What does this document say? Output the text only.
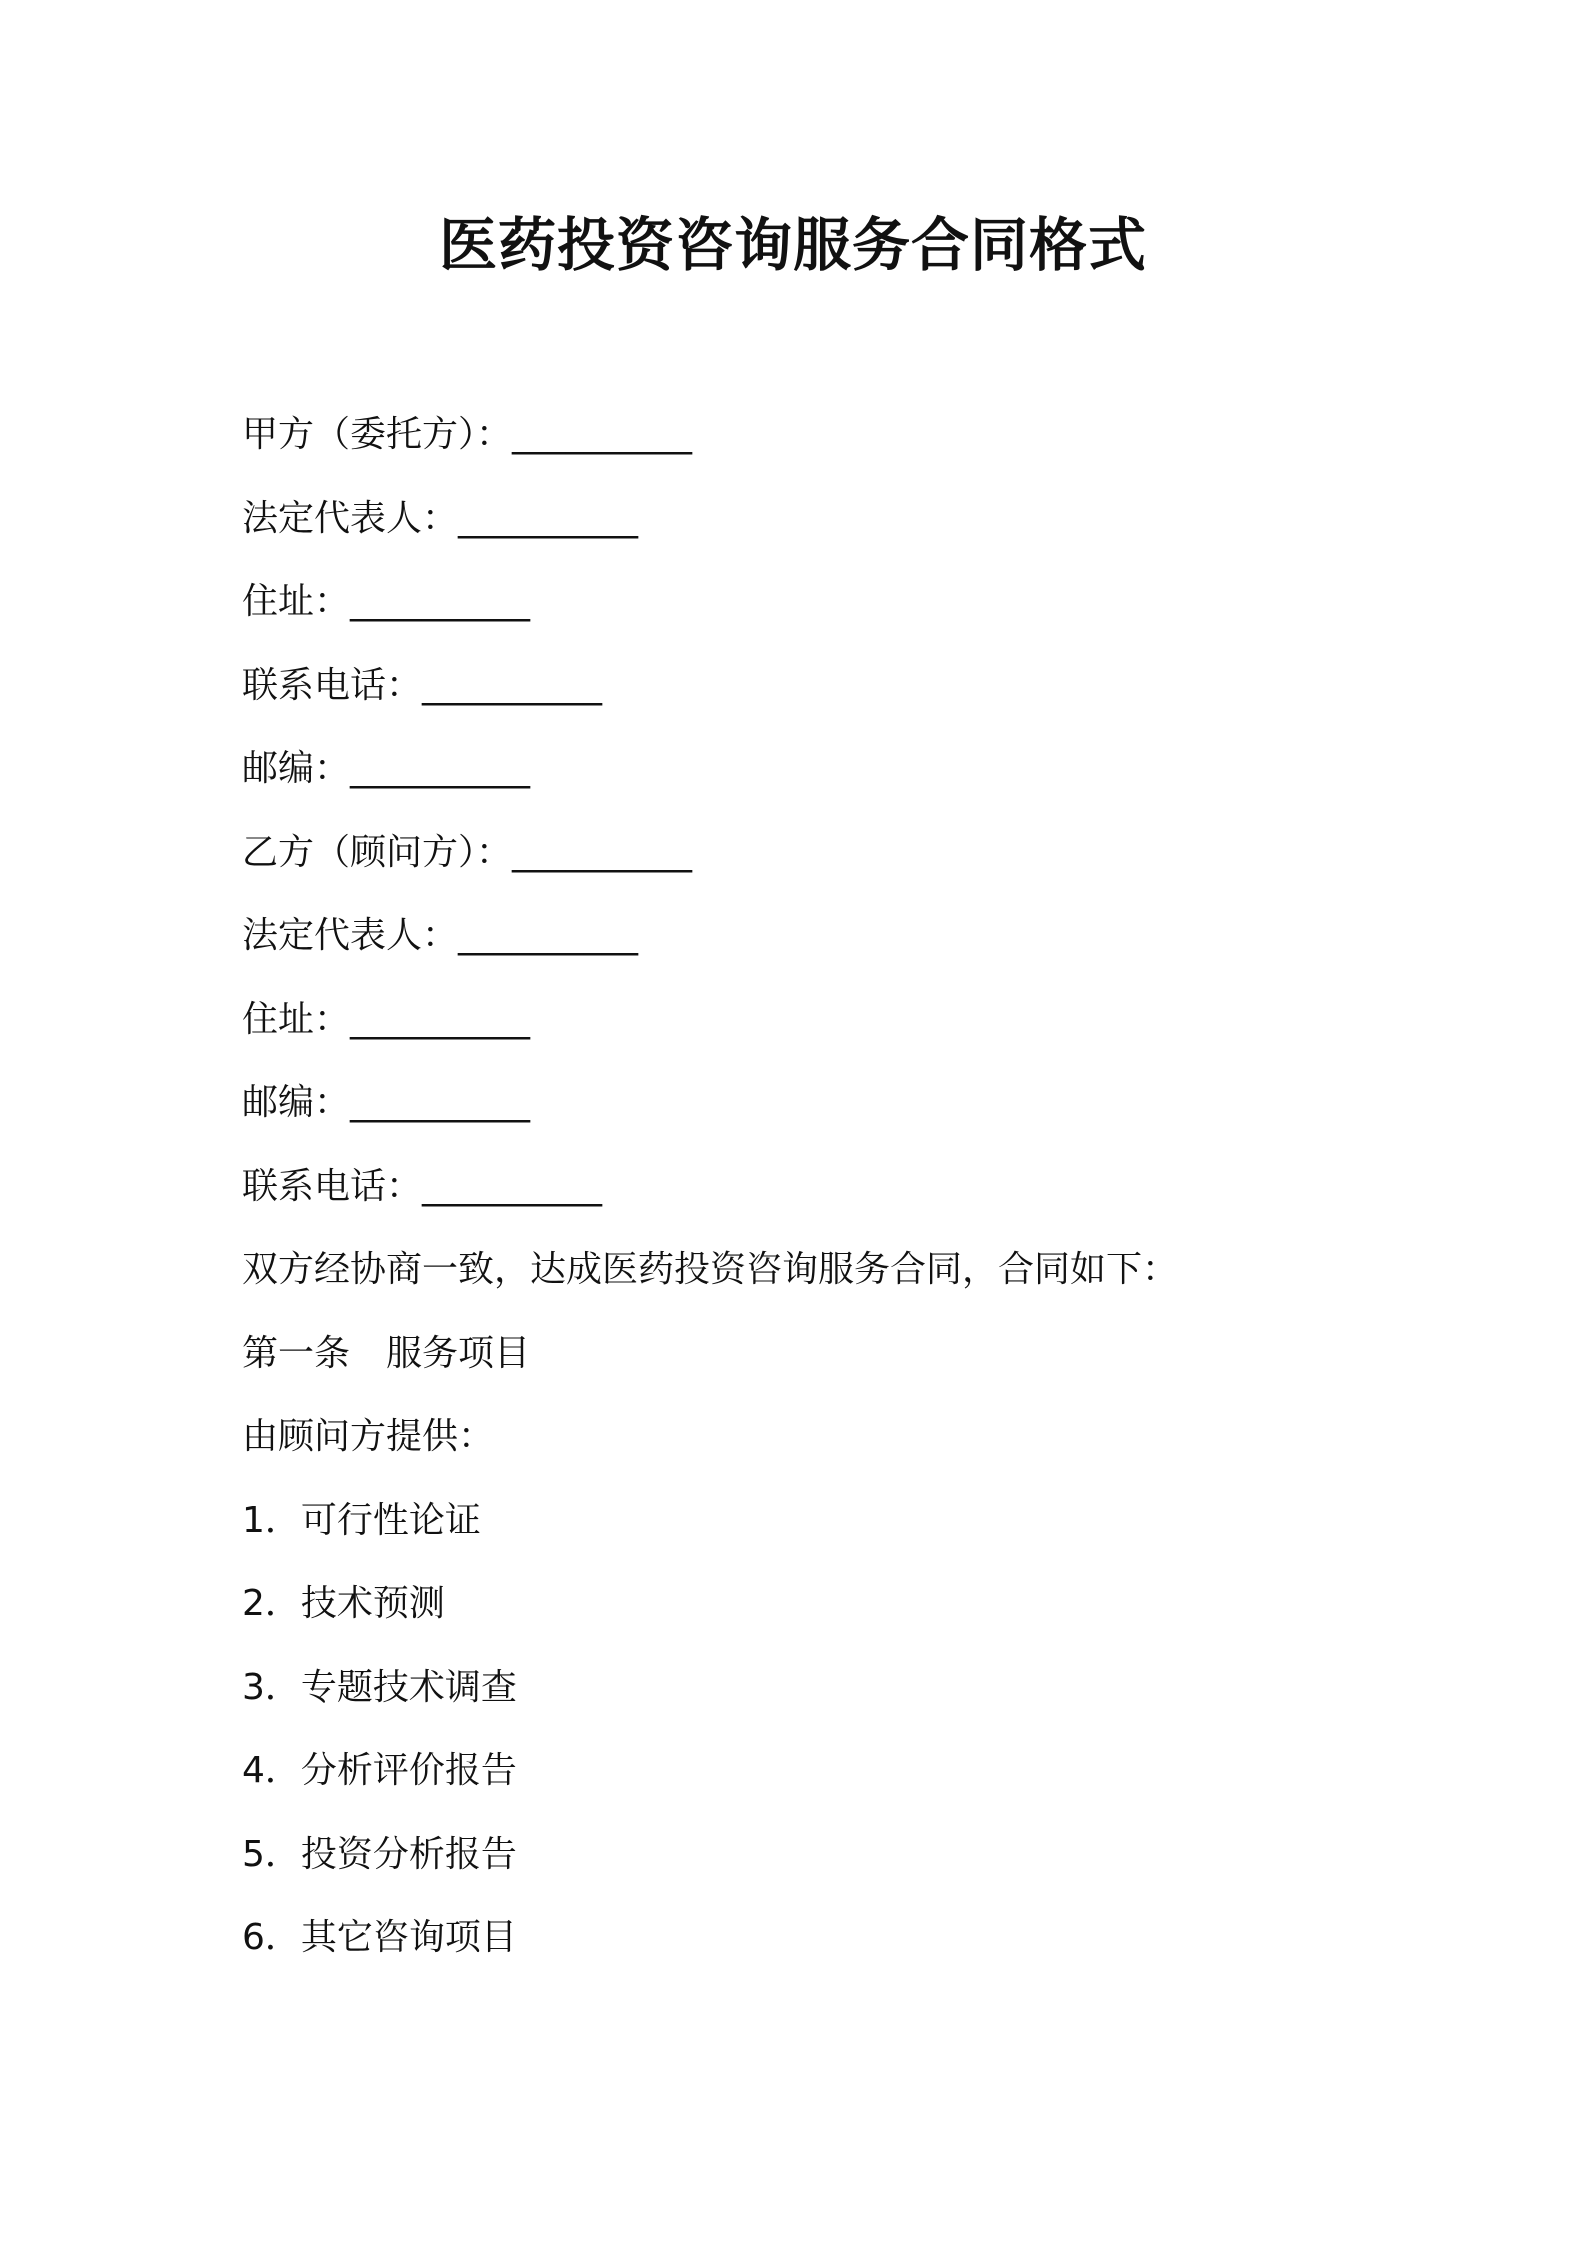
医药投资咨询服务合同格式
甲方（委托方）：__________
法定代表人：__________
住址：__________
联系电话：__________
邮编：__________
乙方（顾问方）：__________
法定代表人：__________
住址：__________
邮编：__________
联系电话：__________
双方经协商一致，达成医药投资咨询服务合同，合同如下：
第一条　服务项目
由顾问方提供：
1．可行性论证
2．技术预测
3．专题技术调查
4．分析评价报告
5．投资分析报告
6．其它咨询项目
